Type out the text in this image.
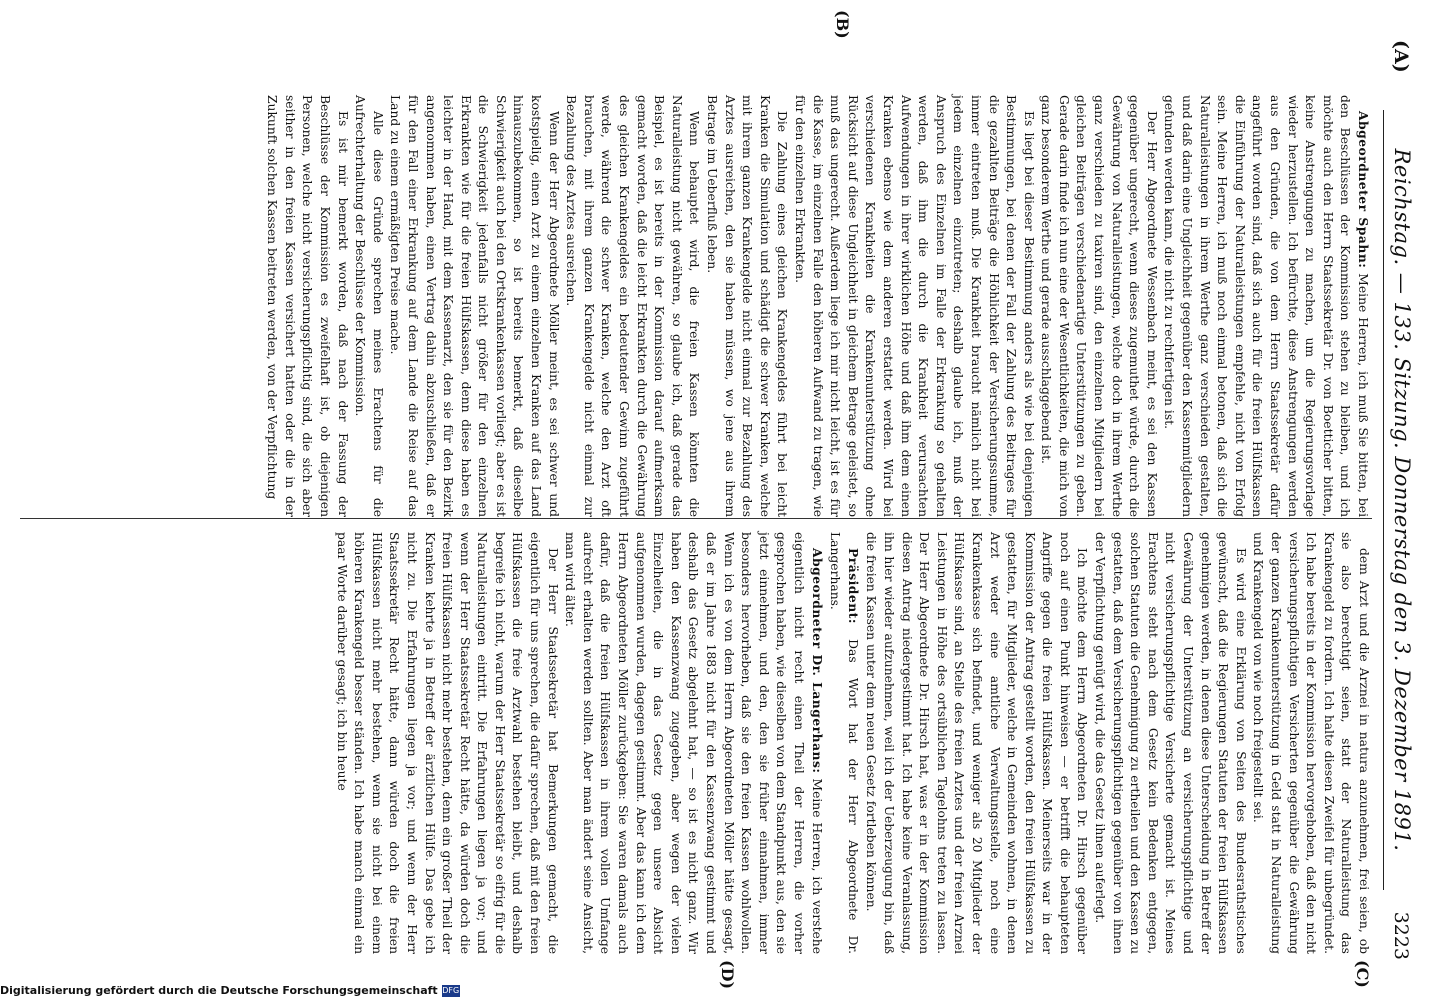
(A)
Reichstag. — 133. Sitzung. Donnerstag den 3. Dezember 1891.
3223
(B)
(C)
(D)

Abgeordneter Spahn: Meine Herren, ich muß Sie bitten, bei den Beschlüssen der Kommission stehen zu bleiben, und ich möchte auch den Herrn Staatssekretär Dr. von Boetticher bitten, keine Anstrengungen zu machen, um die Regierungsvorlage wieder herzustellen. Ich befürchte, diese Anstrengungen werden aus den Gründen, die von dem Herrn Staatssekretär dafür angeführt worden sind, daß sich auch für die freien Hülfskassen die Einführung der Naturalleistungen empfehle, nicht von Erfolg sein. Meine Herren, ich muß noch einmal betonen, daß sich die Naturalleistungen in ihrem Werthe ganz verschieden gestalten, und daß darin eine Ungleichheit gegenüber den Kassenmitgliedern gefunden werden kann, die nicht zu rechtfertigen ist.

Der Herr Abgeordnete Wessenbach meint, es sei den Kassen gegenüber ungerecht, wenn dieses zugemuthet würde, durch die Gewährung von Naturalleistungen, welche doch in ihrem Werthe ganz verschieden zu taxiren sind, den einzelnen Mitgliedern bei gleichen Beiträgen verschiedenartige Unterstützungen zu geben. Gerade darin finde ich nun eine der Wesentlichkeiten, die mich von ganz besonderem Werthe und gerade ausschlaggebend ist.

Es liegt bei dieser Bestimmung anders als wie bei denjenigen Bestimmungen, bei denen der Fall der Zahlung des Beitrages für die gezahlten Beiträge die Höhlichkeit der Versicherungssumme, immer eintreten muß. Die Krankheit braucht nämlich nicht bei jedem einzelnen einzutreten; deshalb glaube ich, muß der Anspruch des Einzelnen im Falle der Erkrankung so gehalten werden, daß ihm die durch die Krankheit verursachten Aufwendungen in ihrer wirklichen Höhe und daß ihm dem einen Kranken ebenso wie dem anderen erstattet werden. Wird bei verschiedenen Krankheiten die Krankenunterstützung ohne Rücksicht auf diese Ungleichheit in gleichem Betrage geleistet, so muß das ungerecht. Außerdem liege ich mir nicht leicht, ist es für die Kasse, im einzelnen Falle den höheren Aufwand zu tragen, wie für den einzelnen Erkrankten.

Die Zahlung eines gleichen Krankengeldes führt bei leicht Kranken die Simulation und schädigt die schwer Kranken, welche mit ihrem ganzen Krankengelde nicht einmal zur Bezahlung des Arztes ausreichen, den sie haben müssen, wo jene aus ihrem Betrage im Ueberfluß leben.

Wenn behauptet wird, die freien Kassen könnten die Naturalleistung nicht gewähren, so glaube ich, daß gerade das Beispiel, es ist bereits in der Kommission darauf aufmerksam gemacht worden, daß die leicht Erkrankten durch die Gewährung des gleichen Krankengeldes ein bedeutender Gewinn zugeführt werde, während die schwer Kranken, welche den Arzt oft brauchen, mit ihrem ganzen Krankengelde nicht einmal zur Bezahlung des Arztes ausreichen.

Wenn der Herr Abgeordnete Möller meint, es sei schwer und kostspielig, einen Arzt zu einem einzelnen Kranken auf das Land hinauszubekommen, so ist bereits bemerkt, daß dieselbe Schwierigkeit auch bei den Ortskrankenkassen vorliegt; aber es ist die Schwierigkeit jedenfalls nicht größer für den einzelnen Erkrankten wie für die freien Hülfskassen, denn diese haben es leichter in der Hand, mit dem Kassenarzt, den sie für den Bezirk angenommen haben, einen Vertrag dahin abzuschließen, daß er für den Fall einer Erkrankung auf dem Lande die Reise auf das Land zu einem ermäßigten Preise mache.

Alle diese Gründe sprechen meines Erachtens für die Aufrechterhaltung der Beschlüsse der Kommission.

Es ist mir bemerkt worden, daß nach der Fassung der Beschlüsse der Kommission es zweifelhaft ist, ob diejenigen Personen, welche nicht versicherungspflichtig sind, die sich aber seither in den freien Kassen versichert hatten oder die in der Zukunft solchen Kassen beitreten werden, von der Verpflichtung

dem Arzt und die Arznei in natura anzunehmen, frei seien, ob sie also berechtigt seien, statt der Naturalleistung das Krankengeld zu fordern. Ich halte diesen Zweifel für unbegründet. Ich habe bereits in der Kommission hervorgehoben, daß den nicht versicherungspflichtigen Versicherten gegenüber die Gewährung der ganzen Krankenunterstützung in Geld statt in Naturalleistung und Krankengeld von wie noch freigestellt sei.

Es wird eine Erklärung von Seiten des Bundesrathstisches gewünscht, daß die Regierungen Statuten der freien Hülfskassen genehmigen werden, in denen diese Unterscheidung in Betreff der Gewährung der Unterstützung an versicherungspflichtige und nicht versicherungspflichtige Versicherte gemacht ist. Meines Erachtens steht nach dem Gesetz kein Bedenken entgegen, solchen Statuten die Genehmigung zu ertheilen und den Kassen zu gestatten, daß dem Versicherungspflichtigen gegenüber von ihnen der Verpflichtung genügt wird, die das Gesetz ihnen auferlegt.

Ich möchte dem Herrn Abgeordneten Dr. Hirsch gegenüber noch auf einen Punkt hinweisen — er betrifft die behaupteten Angriffe gegen die freien Hülfskassen. Meinerseits war in der Kommission der Antrag gestellt worden, den freien Hülfskassen zu gestatten, für Mitglieder, welche in Gemeinden wohnen, in denen Arzt weder eine amtliche Verwaltungsstelle, noch eine Krankenkasse sich befindet, und weniger als 20 Mitglieder der Hülfskasse sind, an Stelle des freien Arztes und der freien Arznei Leistungen in Höhe des ortsüblichen Tagelohns treten zu lassen. Der Herr Abgeordnete Dr. Hirsch hat, was er in der Kommission diesen Antrag niedergestimmt hat. Ich habe keine Veranlassung, ihn hier wieder aufzunehmen, weil ich der Ueberzeugung bin, daß die freien Kassen unter dem neuen Gesetz fortleben können.

Präsident: Das Wort hat der Herr Abgeordnete Dr. Langerhans.

Abgeordneter Dr. Langerhans: Meine Herren, ich verstehe eigentlich nicht recht einen Theil der Herren, die vorher gesprochen haben, wie dieselben von dem Standpunkt aus, den sie jetzt einnehmen, und den, den sie früher einnahmen, immer besonders hervorheben, daß sie den freien Kassen wohlwollen. Wenn ich es von dem Herrn Abgeordneten Möller hätte gesagt, daß er im Jahre 1883 nicht für den Kassenzwang gestimmt und deshalb das Gesetz abgelehnt hat, — so ist es nicht ganz. Wir haben den Kassenzwang zugegeben, aber wegen der vielen Einzelheiten, die in das Gesetz gegen unsere Absicht aufgenommen wurden, dagegen gestimmt. Aber das kann ich dem Herrn Abgeordneten Möller zurückgeben: Sie waren damals auch dafür, daß die freien Hülfskassen in ihrem vollen Umfange aufrecht erhalten werden sollten. Aber man ändert seine Ansicht, man wird älter.

Der Herr Staatssekretär hat Bemerkungen gemacht, die eigentlich für uns sprechen, die dafür sprechen, daß mit den freien Hülfskassen die freie Arztwahl bestehen bleibt, und deshalb begreife ich nicht, warum der Herr Staatssekretär so eifrig für die Naturalleistungen eintritt. Die Erfahrungen liegen ja vor; und wenn der Herr Staatssekretär Recht hätte, da würden doch die freien Hülfskassen nicht mehr bestehen, denn ein großer Theil der Kranken kehrte ja in Betreff der ärztlichen Hülfe. Das gebe ich nicht zu. Die Erfahrungen liegen ja vor; und wenn der Herr Staatssekretär Recht hätte, dann würden doch die freien Hülfskassen nicht mehr bestehen, wenn sie nicht bei einem höheren Krankengeld besser ständen. Ich habe manch einmal ein paar Worte darüber gesagt; ich bin heute

Digitalisierung gefördert durch die Deutsche Forschungsgemeinschaft DFG
